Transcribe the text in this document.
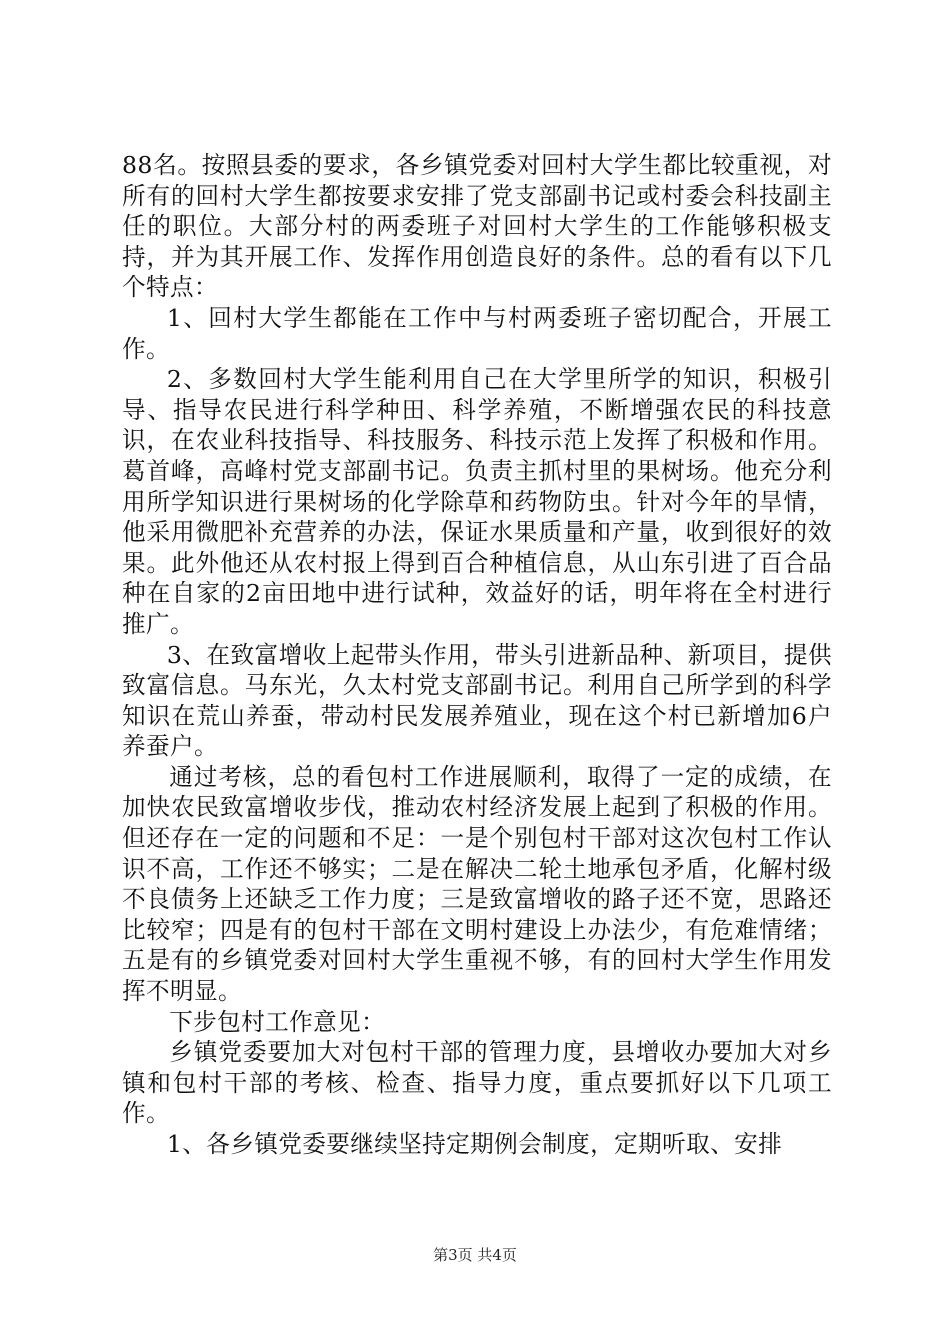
88名。按照县委的要求，各乡镇党委对回村大学生都比较重视，对所有的回村大学生都按要求安排了党支部副书记或村委会科技副主任的职位。大部分村的两委班子对回村大学生的工作能够积极支持，并为其开展工作、发挥作用创造良好的条件。总的看有以下几个特点：

1、回村大学生都能在工作中与村两委班子密切配合，开展工作。

2、多数回村大学生能利用自己在大学里所学的知识，积极引导、指导农民进行科学种田、科学养殖，不断增强农民的科技意识，在农业科技指导、科技服务、科技示范上发挥了积极和作用。葛首峰，高峰村党支部副书记。负责主抓村里的果树场。他充分利用所学知识进行果树场的化学除草和药物防虫。针对今年的旱情，他采用微肥补充营养的办法，保证水果质量和产量，收到很好的效果。此外他还从农村报上得到百合种植信息，从山东引进了百合品种在自家的2亩田地中进行试种，效益好的话，明年将在全村进行推广。

3、在致富增收上起带头作用，带头引进新品种、新项目，提供致富信息。马东光，久太村党支部副书记。利用自己所学到的科学知识在荒山养蚕，带动村民发展养殖业，现在这个村已新增加6户养蚕户。

通过考核，总的看包村工作进展顺利，取得了一定的成绩，在加快农民致富增收步伐，推动农村经济发展上起到了积极的作用。但还存在一定的问题和不足：一是个别包村干部对这次包村工作认识不高，工作还不够实；二是在解决二轮土地承包矛盾，化解村级不良债务上还缺乏工作力度；三是致富增收的路子还不宽，思路还比较窄；四是有的包村干部在文明村建设上办法少，有危难情绪；五是有的乡镇党委对回村大学生重视不够，有的回村大学生作用发挥不明显。

下步包村工作意见：

乡镇党委要加大对包村干部的管理力度，县增收办要加大对乡镇和包村干部的考核、检查、指导力度，重点要抓好以下几项工作。

1、各乡镇党委要继续坚持定期例会制度，定期听取、安排

第3页 共4页
